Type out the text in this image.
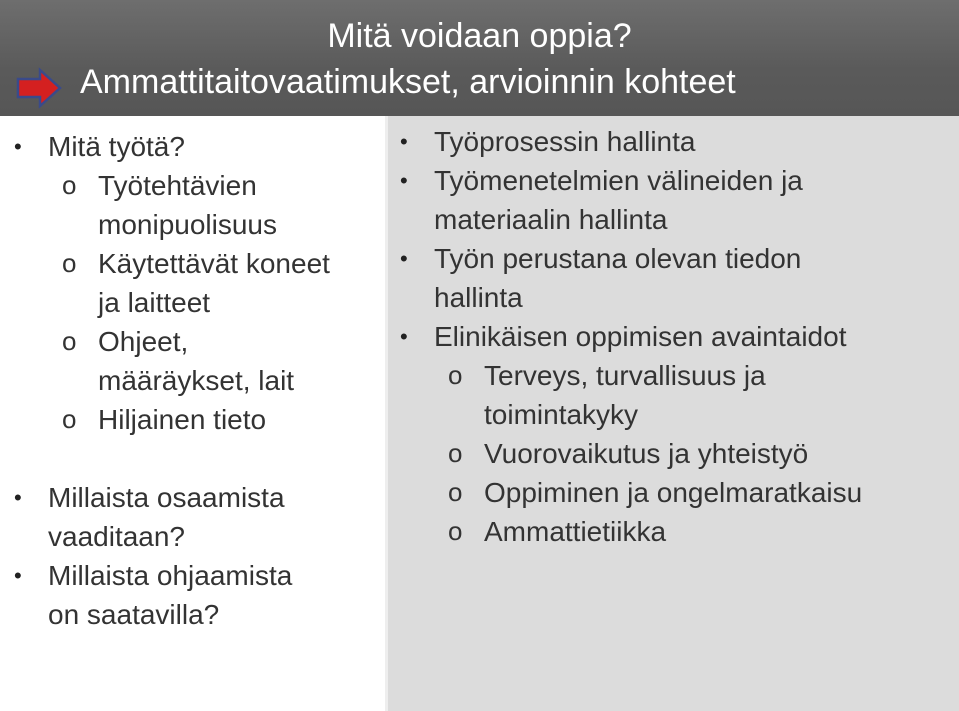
Mitä voidaan oppia?
Ammattitaitovaatimukset, arvioinnin kohteet
• Mitä työtä?

o Työtehtävien

monipuolisuus

o Käytettävät koneet

ja laitteet

o Ohjeet,

määräykset, lait

o Hiljainen tieto

• Millaista osaamista

vaaditaan?

• Millaista ohjaamista

on saatavilla?

• Työprosessin hallinta

• Työmenetelmien välineiden ja

materiaalin hallinta

• Työn perustana olevan tiedon

hallinta

• Elinikäisen oppimisen avaintaidot

o Terveys, turvallisuus ja

toimintakyky

o Vuorovaikutus ja yhteistyö

o Oppiminen ja ongelmaratkaisu

o Ammattietiikka
